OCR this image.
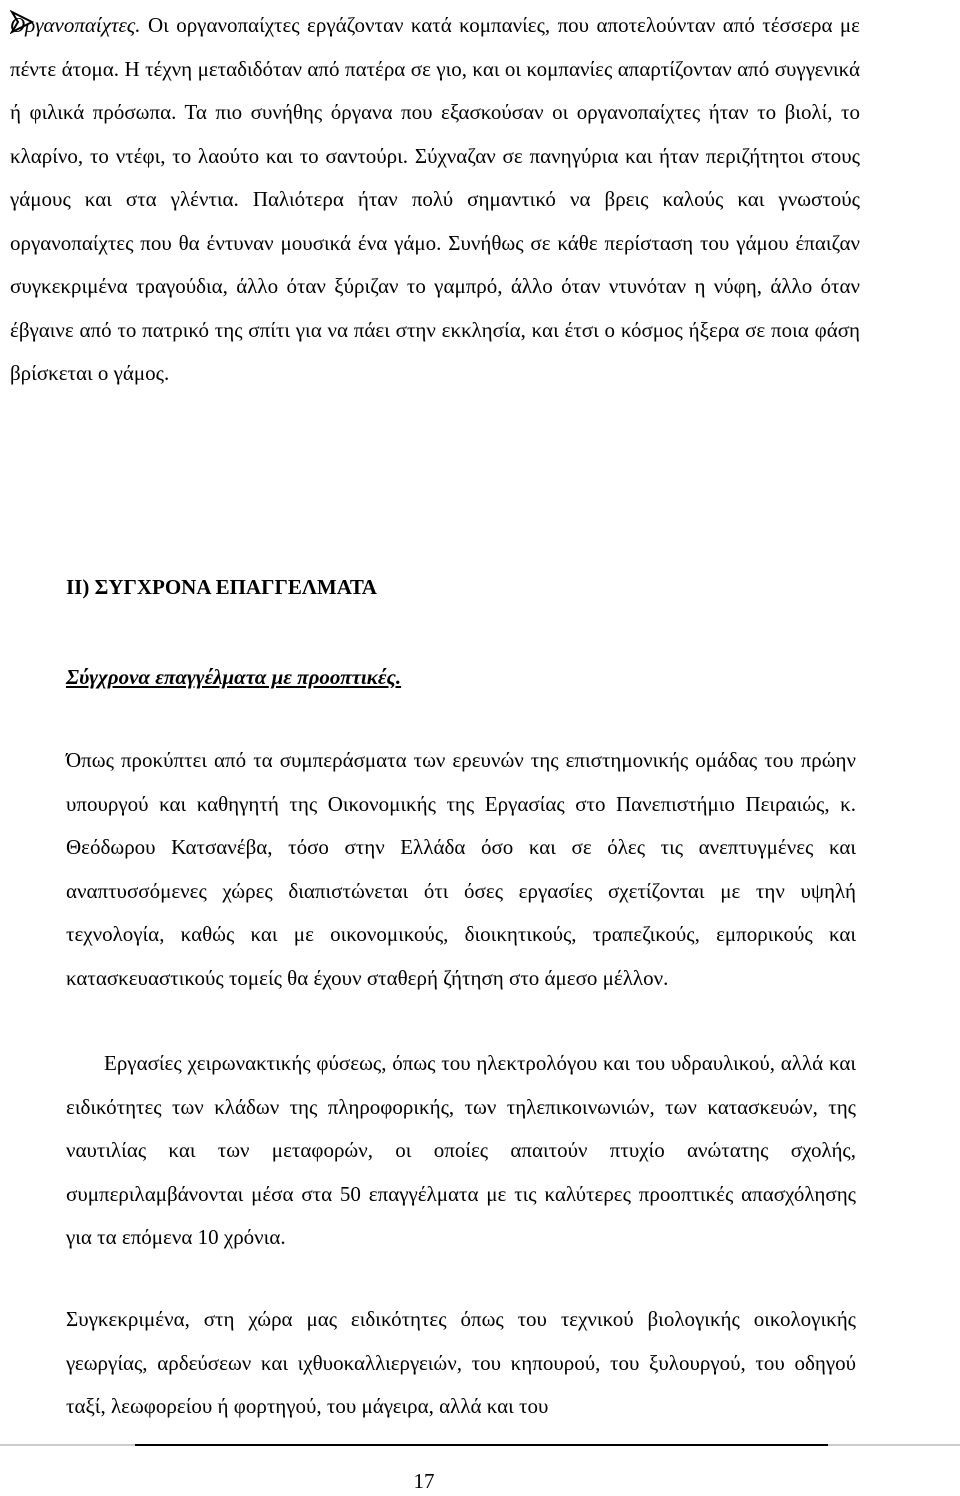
Οργανοπαίχτες. Οι οργανοπαίχτες εργάζονταν κατά κομπανίες, που αποτελούνταν από τέσσερα με πέντε άτομα. Η τέχνη μεταδιδόταν από πατέρα σε γιο, και οι κομπανίες απαρτίζονταν από συγγενικά ή φιλικά πρόσωπα. Τα πιο συνήθης όργανα που εξασκούσαν οι οργανοπαίχτες ήταν το βιολί, το κλαρίνο, το ντέφι, το λαούτο και το σαντούρι. Σύχναζαν σε πανηγύρια και ήταν περιζήτητοι στους γάμους και στα γλέντια. Παλιότερα ήταν πολύ σημαντικό να βρεις καλούς και γνωστούς οργανοπαίχτες που θα έντυναν μουσικά ένα γάμο. Συνήθως σε κάθε περίσταση του γάμου έπαιζαν συγκεκριμένα τραγούδια, άλλο όταν ξύριζαν το γαμπρό, άλλο όταν ντυνόταν η νύφη, άλλο όταν έβγαινε από το πατρικό της σπίτι για να πάει στην εκκλησία, και έτσι ο κόσμος ήξερα σε ποια φάση βρίσκεται ο γάμος.

ΙΙ) ΣΥΓΧΡΟΝΑ ΕΠΑΓΓΕΛΜΑΤΑ
Σύγχρονα επαγγέλματα με προοπτικές.

Όπως προκύπτει από τα συμπεράσματα των ερευνών της επιστημονικής ομάδας του πρώην υπουργού και καθηγητή της Οικονομικής της Εργασίας στο Πανεπιστήμιο Πειραιώς, κ. Θεόδωρου Κατσανέβα, τόσο στην Ελλάδα όσο και σε όλες τις ανεπτυγμένες και αναπτυσσόμενες χώρες διαπιστώνεται ότι όσες εργασίες σχετίζονται με την υψηλή τεχνολογία, καθώς και με οικονομικούς, διοικητικούς, τραπεζικούς, εμπορικούς και κατασκευαστικούς τομείς θα έχουν σταθερή ζήτηση στο άμεσο μέλλον.

Εργασίες χειρωνακτικής φύσεως, όπως του ηλεκτρολόγου και του υδραυλικού, αλλά και ειδικότητες των κλάδων της πληροφορικής, των τηλεπικοινωνιών, των κατασκευών, της ναυτιλίας και των μεταφορών, οι οποίες απαιτούν πτυχίο ανώτατης σχολής, συμπεριλαμβάνονται μέσα στα 50 επαγγέλματα με τις καλύτερες προοπτικές απασχόλησης για τα επόμενα 10 χρόνια.

Συγκεκριμένα, στη χώρα μας ειδικότητες όπως του τεχνικού βιολογικής οικολογικής γεωργίας, αρδεύσεων και ιχθυοκαλλιεργειών, του κηπουρού, του ξυλουργού, του οδηγού ταξί, λεωφορείου ή φορτηγού, του μάγειρα, αλλά και του

17
